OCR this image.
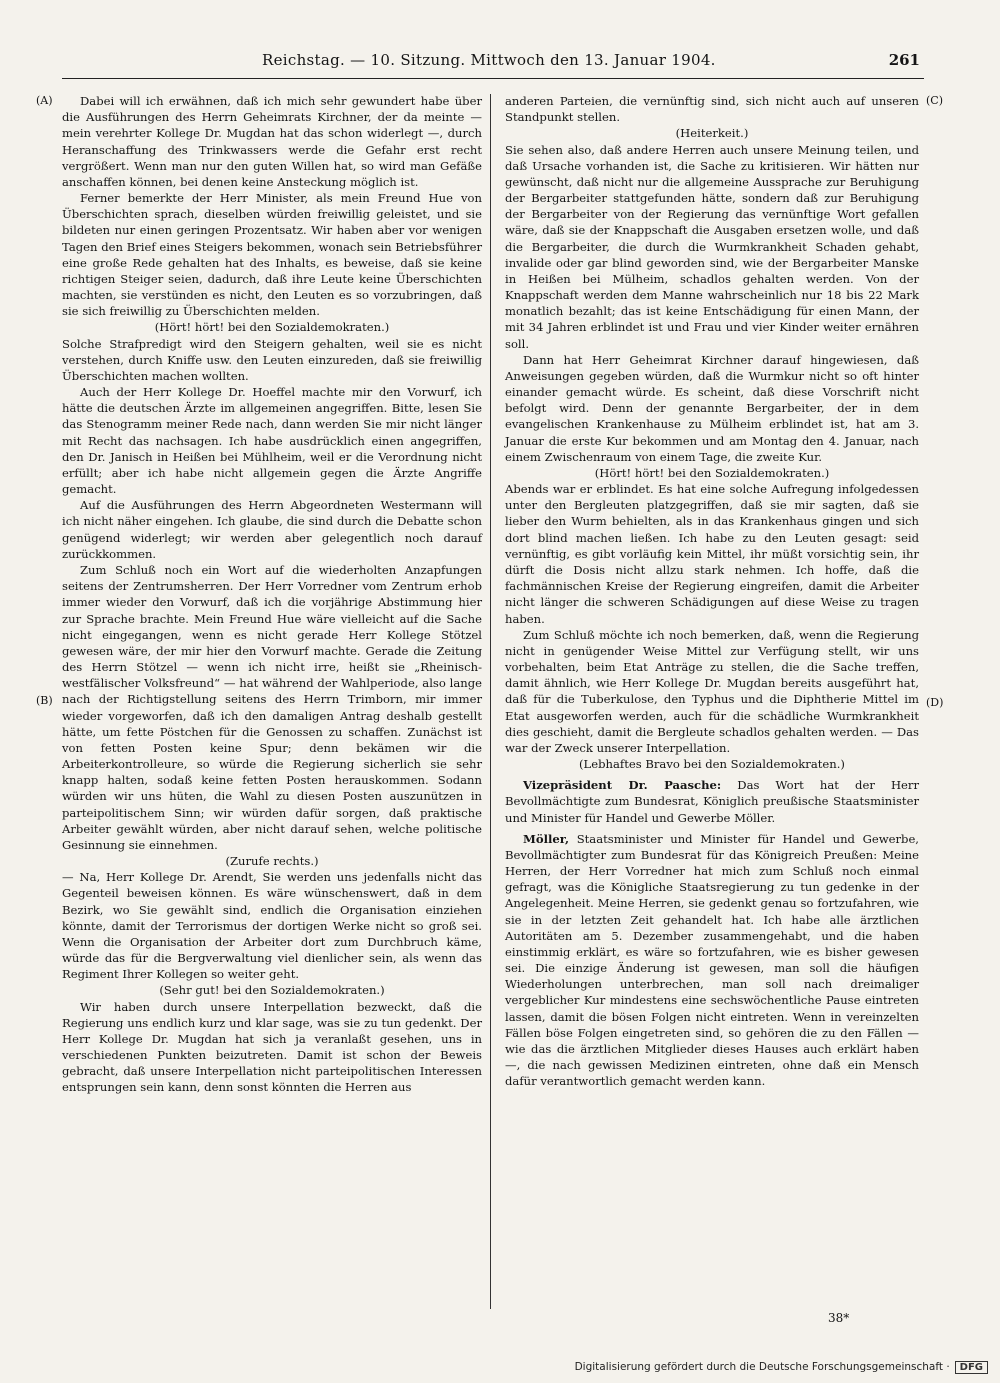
Reichstag. — 10. Sitzung. Mittwoch den 13. Januar 1904.	261
(A)
(B)
(C)
(D)

Dabei will ich erwähnen, daß ich mich sehr gewundert habe über die Ausführungen des Herrn Geheimrats Kirchner, der da meinte — mein verehrter Kollege Dr. Mugdan hat das schon widerlegt —, durch Heranschaffung des Trinkwassers werde die Gefahr erst recht vergrößert. Wenn man nur den guten Willen hat, so wird man Gefäße anschaffen können, bei denen keine Ansteckung möglich ist.

Ferner bemerkte der Herr Minister, als mein Freund Hue von Überschichten sprach, dieselben würden freiwillig geleistet, und sie bildeten nur einen geringen Prozentsatz. Wir haben aber vor wenigen Tagen den Brief eines Steigers bekommen, wonach sein Betriebsführer eine große Rede gehalten hat des Inhalts, es beweise, daß sie keine richtigen Steiger seien, dadurch, daß ihre Leute keine Überschichten machten, sie verstünden es nicht, den Leuten es so vorzubringen, daß sie sich freiwillig zu Überschichten melden.

(Hört! hört! bei den Sozialdemokraten.)

Solche Strafpredigt wird den Steigern gehalten, weil sie es nicht verstehen, durch Kniffe usw. den Leuten einzureden, daß sie freiwillig Überschichten machen wollten.

Auch der Herr Kollege Dr. Hoeffel machte mir den Vorwurf, ich hätte die deutschen Ärzte im allgemeinen angegriffen. Bitte, lesen Sie das Stenogramm meiner Rede nach, dann werden Sie mir nicht länger mit Recht das nachsagen. Ich habe ausdrücklich einen angegriffen, den Dr. Janisch in Heißen bei Mühlheim, weil er die Verordnung nicht erfüllt; aber ich habe nicht allgemein gegen die Ärzte Angriffe gemacht.

Auf die Ausführungen des Herrn Abgeordneten Westermann will ich nicht näher eingehen. Ich glaube, die sind durch die Debatte schon genügend widerlegt; wir werden aber gelegentlich noch darauf zurückkommen.

Zum Schluß noch ein Wort auf die wiederholten Anzapfungen seitens der Zentrumsherren. Der Herr Vorredner vom Zentrum erhob immer wieder den Vorwurf, daß ich die vorjährige Abstimmung hier zur Sprache brachte. Mein Freund Hue wäre vielleicht auf die Sache nicht eingegangen, wenn es nicht gerade Herr Kollege Stötzel gewesen wäre, der mir hier den Vorwurf machte. Gerade die Zeitung des Herrn Stötzel — wenn ich nicht irre, heißt sie „Rheinisch-westfälischer Volksfreund“ — hat während der Wahlperiode, also lange nach der Richtigstellung seitens des Herrn Trimborn, mir immer wieder vorgeworfen, daß ich den damaligen Antrag deshalb gestellt hätte, um fette Pöstchen für die Genossen zu schaffen. Zunächst ist von fetten Posten keine Spur; denn bekämen wir die Arbeiterkontrolleure, so würde die Regierung sicherlich sie sehr knapp halten, sodaß keine fetten Posten herauskommen. Sodann würden wir uns hüten, die Wahl zu diesen Posten auszunützen in parteipolitischem Sinn; wir würden dafür sorgen, daß praktische Arbeiter gewählt würden, aber nicht darauf sehen, welche politische Gesinnung sie einnehmen.

(Zurufe rechts.)

— Na, Herr Kollege Dr. Arendt, Sie werden uns jedenfalls nicht das Gegenteil beweisen können. Es wäre wünschenswert, daß in dem Bezirk, wo Sie gewählt sind, endlich die Organisation einziehen könnte, damit der Terrorismus der dortigen Werke nicht so groß sei. Wenn die Organisation der Arbeiter dort zum Durchbruch käme, würde das für die Bergverwaltung viel dienlicher sein, als wenn das Regiment Ihrer Kollegen so weiter geht.

(Sehr gut! bei den Sozialdemokraten.)

Wir haben durch unsere Interpellation bezweckt, daß die Regierung uns endlich kurz und klar sage, was sie zu tun gedenkt. Der Herr Kollege Dr. Mugdan hat sich ja veranlaßt gesehen, uns in verschiedenen Punkten beizutreten. Damit ist schon der Beweis gebracht, daß unsere Interpellation nicht parteipolitischen Interessen entsprungen sein kann, denn sonst könnten die Herren aus

anderen Parteien, die vernünftig sind, sich nicht auch auf unseren Standpunkt stellen.

(Heiterkeit.)

Sie sehen also, daß andere Herren auch unsere Meinung teilen, und daß Ursache vorhanden ist, die Sache zu kritisieren. Wir hätten nur gewünscht, daß nicht nur die allgemeine Aussprache zur Beruhigung der Bergarbeiter stattgefunden hätte, sondern daß zur Beruhigung der Bergarbeiter von der Regierung das vernünftige Wort gefallen wäre, daß sie der Knappschaft die Ausgaben ersetzen wolle, und daß die Bergarbeiter, die durch die Wurmkrankheit Schaden gehabt, invalide oder gar blind geworden sind, wie der Bergarbeiter Manske in Heißen bei Mülheim, schadlos gehalten werden. Von der Knappschaft werden dem Manne wahrscheinlich nur 18 bis 22 Mark monatlich bezahlt; das ist keine Entschädigung für einen Mann, der mit 34 Jahren erblindet ist und Frau und vier Kinder weiter ernähren soll.

Dann hat Herr Geheimrat Kirchner darauf hingewiesen, daß Anweisungen gegeben würden, daß die Wurmkur nicht so oft hinter einander gemacht würde. Es scheint, daß diese Vorschrift nicht befolgt wird. Denn der genannte Bergarbeiter, der in dem evangelischen Krankenhause zu Mülheim erblindet ist, hat am 3. Januar die erste Kur bekommen und am Montag den 4. Januar, nach einem Zwischenraum von einem Tage, die zweite Kur.

(Hört! hört! bei den Sozialdemokraten.)

Abends war er erblindet. Es hat eine solche Aufregung infolgedessen unter den Bergleuten platzgegriffen, daß sie mir sagten, daß sie lieber den Wurm behielten, als in das Krankenhaus gingen und sich dort blind machen ließen. Ich habe zu den Leuten gesagt: seid vernünftig, es gibt vorläufig kein Mittel, ihr müßt vorsichtig sein, ihr dürft die Dosis nicht allzu stark nehmen. Ich hoffe, daß die fachmännischen Kreise der Regierung eingreifen, damit die Arbeiter nicht länger die schweren Schädigungen auf diese Weise zu tragen haben.

Zum Schluß möchte ich noch bemerken, daß, wenn die Regierung nicht in genügender Weise Mittel zur Verfügung stellt, wir uns vorbehalten, beim Etat Anträge zu stellen, die die Sache treffen, damit ähnlich, wie Herr Kollege Dr. Mugdan bereits ausgeführt hat, daß für die Tuberkulose, den Typhus und die Diphtherie Mittel im Etat ausgeworfen werden, auch für die schädliche Wurmkrankheit dies geschieht, damit die Bergleute schadlos gehalten werden. — Das war der Zweck unserer Interpellation.

(Lebhaftes Bravo bei den Sozialdemokraten.)

Vizepräsident Dr. Paasche: Das Wort hat der Herr Bevollmächtigte zum Bundesrat, Königlich preußische Staatsminister und Minister für Handel und Gewerbe Möller.

Möller, Staatsminister und Minister für Handel und Gewerbe, Bevollmächtigter zum Bundesrat für das Königreich Preußen: Meine Herren, der Herr Vorredner hat mich zum Schluß noch einmal gefragt, was die Königliche Staatsregierung zu tun gedenke in der Angelegenheit. Meine Herren, sie gedenkt genau so fortzufahren, wie sie in der letzten Zeit gehandelt hat. Ich habe alle ärztlichen Autoritäten am 5. Dezember zusammengehabt, und die haben einstimmig erklärt, es wäre so fortzufahren, wie es bisher gewesen sei. Die einzige Änderung ist gewesen, man soll die häufigen Wiederholungen unterbrechen, man soll nach dreimaliger vergeblicher Kur mindestens eine sechswöchentliche Pause eintreten lassen, damit die bösen Folgen nicht eintreten. Wenn in vereinzelten Fällen böse Folgen eingetreten sind, so gehören die zu den Fällen — wie das die ärztlichen Mitglieder dieses Hauses auch erklärt haben —, die nach gewissen Medizinen eintreten, ohne daß ein Mensch dafür verantwortlich gemacht werden kann.

38*
Digitalisierung gefördert durch die Deutsche Forschungsgemeinschaft · DFG
